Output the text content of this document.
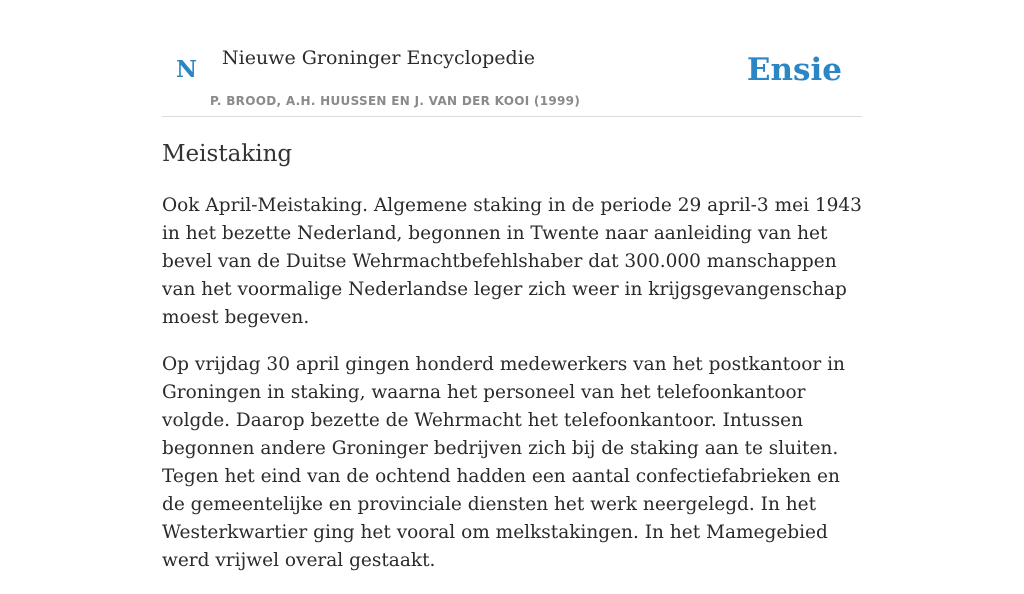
N Nieuwe Groninger Encyclopedie
P. BROOD, A.H. HUUSSEN EN J. VAN DER KOOI (1999)
Ensie
Meistaking

Ook April-Meistaking. Algemene staking in de periode 29 april-3 mei 1943 in het bezette Nederland, begonnen in Twente naar aanleiding van het bevel van de Duitse Wehrmachtbefehlshaber dat 300.000 manschappen van het voormalige Nederlandse leger zich weer in krijgsgevangenschap moest begeven.

Op vrijdag 30 april gingen honderd medewerkers van het postkantoor in Groningen in staking, waarna het personeel van het telefoonkantoor volgde. Daarop bezette de Wehrmacht het telefoonkantoor. Intussen begonnen andere Groninger bedrijven zich bij de staking aan te sluiten. Tegen het eind van de ochtend hadden een aantal confectiefabrieken en de gemeentelijke en provinciale diensten het werk neergelegd. In het Westerkwartier ging het vooral om melkstakingen. In het Mamegebied werd vrijwel overal gestaakt.
